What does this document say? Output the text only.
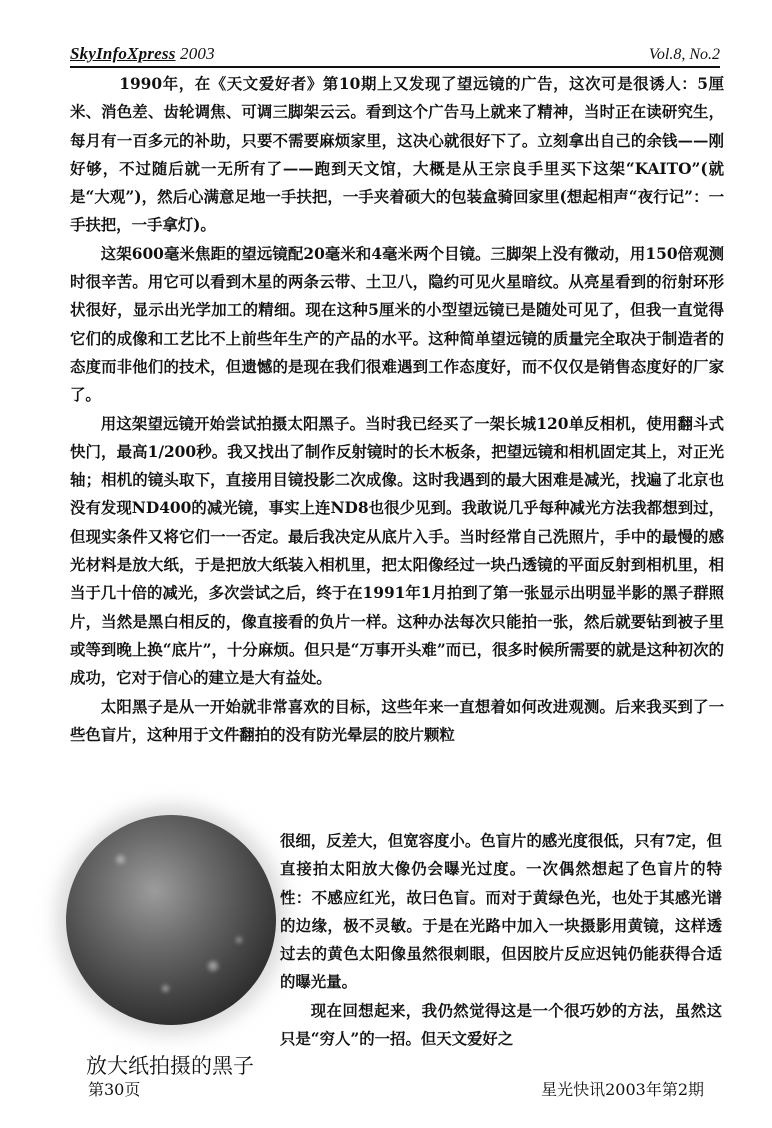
SkyInfoXpress 2003	Vol.8, No.2

1990年，在《天文爱好者》第10期上又发现了望远镜的广告，这次可是很诱人：5厘米、消色差、齿轮调焦、可调三脚架云云。看到这个广告马上就来了精神，当时正在读研究生，每月有一百多元的补助，只要不需要麻烦家里，这决心就很好下了。立刻拿出自己的余钱——刚好够，不过随后就一无所有了——跑到天文馆，大概是从王宗良手里买下这架“KAITO”(就是“大观”)，然后心满意足地一手扶把，一手夹着硕大的包装盒骑回家里(想起相声“夜行记”：一手扶把，一手拿灯)。

这架600毫米焦距的望远镜配20毫米和4毫米两个目镜。三脚架上没有微动，用150倍观测时很辛苦。用它可以看到木星的两条云带、土卫八，隐约可见火星暗纹。从亮星看到的衍射环形状很好，显示出光学加工的精细。现在这种5厘米的小型望远镜已是随处可见了，但我一直觉得它们的成像和工艺比不上前些年生产的产品的水平。这种简单望远镜的质量完全取决于制造者的态度而非他们的技术，但遗憾的是现在我们很难遇到工作态度好，而不仅仅是销售态度好的厂家了。

用这架望远镜开始尝试拍摄太阳黑子。当时我已经买了一架长城120单反相机，使用翻斗式快门，最高1/200秒。我又找出了制作反射镜时的长木板条，把望远镜和相机固定其上，对正光轴；相机的镜头取下，直接用目镜投影二次成像。这时我遇到的最大困难是减光，找遍了北京也没有发现ND400的减光镜，事实上连ND8也很少见到。我敢说几乎每种减光方法我都想到过，但现实条件又将它们一一否定。最后我决定从底片入手。当时经常自己洗照片，手中的最慢的感光材料是放大纸，于是把放大纸装入相机里，把太阳像经过一块凸透镜的平面反射到相机里，相当于几十倍的减光，多次尝试之后，终于在1991年1月拍到了第一张显示出明显半影的黑子群照片，当然是黑白相反的，像直接看的负片一样。这种办法每次只能拍一张，然后就要钻到被子里或等到晚上换“底片”，十分麻烦。但只是“万事开头难”而已，很多时候所需要的就是这种初次的成功，它对于信心的建立是大有益处。

太阳黑子是从一开始就非常喜欢的目标，这些年来一直想着如何改进观测。后来我买到了一些色盲片，这种用于文件翻拍的没有防光晕层的胶片颗粒

很细，反差大，但宽容度小。色盲片的感光度很低，只有7定，但直接拍太阳放大像仍会曝光过度。一次偶然想起了色盲片的特性：不感应红光，故曰色盲。而对于黄绿色光，也处于其感光谱的边缘，极不灵敏。于是在光路中加入一块摄影用黄镜，这样透过去的黄色太阳像虽然很刺眼，但因胶片反应迟钝仍能获得合适的曝光量。

现在回想起来，我仍然觉得这是一个很巧妙的方法，虽然这只是“穷人”的一招。但天文爱好之

放大纸拍摄的黑子
第30页	星光快讯2003年第2期
